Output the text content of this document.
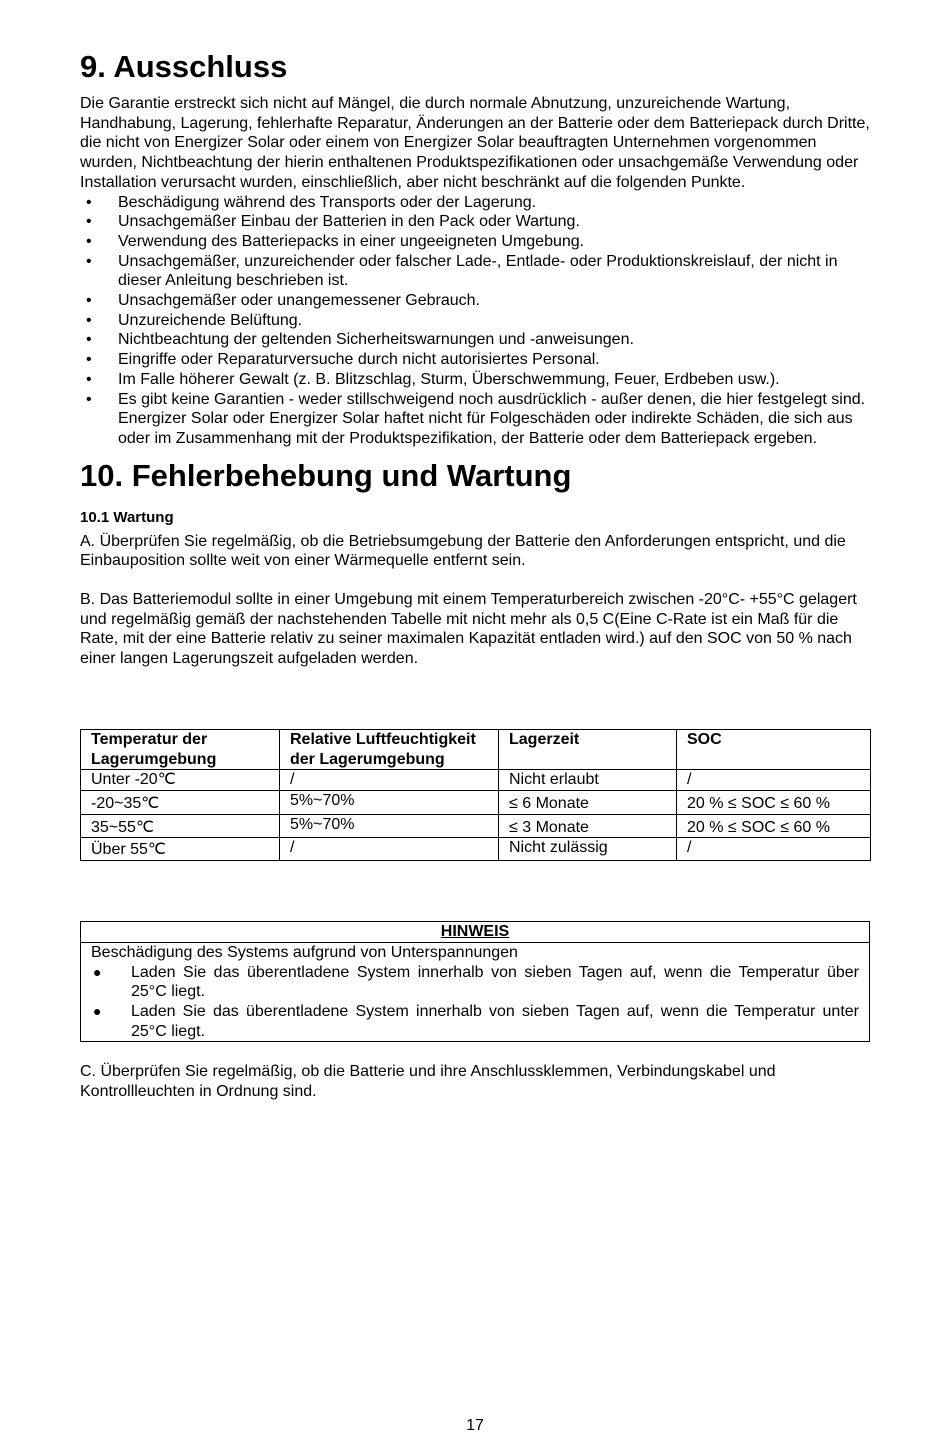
9. Ausschluss

Die Garantie erstreckt sich nicht auf Mängel, die durch normale Abnutzung, unzureichende Wartung, Handhabung, Lagerung, fehlerhafte Reparatur, Änderungen an der Batterie oder dem Batteriepack durch Dritte, die nicht von Energizer Solar oder einem von Energizer Solar beauftragten Unternehmen vorgenommen wurden, Nichtbeachtung der hierin enthaltenen Produktspezifikationen oder unsachgemäße Verwendung oder Installation verursacht wurden, einschließlich, aber nicht beschränkt auf die folgenden Punkte.

• Beschädigung während des Transports oder der Lagerung.
• Unsachgemäßer Einbau der Batterien in den Pack oder Wartung.
• Verwendung des Batteriepacks in einer ungeeigneten Umgebung.
• Unsachgemäßer, unzureichender oder falscher Lade-, Entlade- oder Produktionskreislauf, der nicht in dieser Anleitung beschrieben ist.
• Unsachgemäßer oder unangemessener Gebrauch.
• Unzureichende Belüftung.
• Nichtbeachtung der geltenden Sicherheitswarnungen und -anweisungen.
• Eingriffe oder Reparaturversuche durch nicht autorisiertes Personal.
• Im Falle höherer Gewalt (z. B. Blitzschlag, Sturm, Überschwemmung, Feuer, Erdbeben usw.).
• Es gibt keine Garantien - weder stillschweigend noch ausdrücklich - außer denen, die hier festgelegt sind. Energizer Solar oder Energizer Solar haftet nicht für Folgeschäden oder indirekte Schäden, die sich aus oder im Zusammenhang mit der Produktspezifikation, der Batterie oder dem Batteriepack ergeben.
10. Fehlerbehebung und Wartung
10.1 Wartung

A. Überprüfen Sie regelmäßig, ob die Betriebsumgebung der Batterie den Anforderungen entspricht, und die Einbauposition sollte weit von einer Wärmequelle entfernt sein.

B. Das Batteriemodul sollte in einer Umgebung mit einem Temperaturbereich zwischen -20°C- +55°C gelagert und regelmäßig gemäß der nachstehenden Tabelle mit nicht mehr als 0,5 C(Eine C-Rate ist ein Maß für die Rate, mit der eine Batterie relativ zu seiner maximalen Kapazität entladen wird.) auf den SOC von 50 % nach einer langen Lagerungszeit aufgeladen werden.

Temperatur der Lagerumgebung	Relative Luftfeuchtigkeit der Lagerumgebung	Lagerzeit	SOC
Unter -20℃	/	Nicht erlaubt	/
-20~35℃	5%~70%	≤ 6 Monate	20 % ≤ SOC ≤ 60 %
35~55℃	5%~70%	≤ 3 Monate	20 % ≤ SOC ≤ 60 %
Über 55℃	/	Nicht zulässig	/
HINWEIS

Beschädigung des Systems aufgrund von Unterspannungen
● Laden Sie das überentladene System innerhalb von sieben Tagen auf, wenn die Temperatur über 25°C liegt.
● Laden Sie das überentladene System innerhalb von sieben Tagen auf, wenn die Temperatur unter 25°C liegt.

C. Überprüfen Sie regelmäßig, ob die Batterie und ihre Anschlussklemmen, Verbindungskabel und Kontrollleuchten in Ordnung sind.

17
